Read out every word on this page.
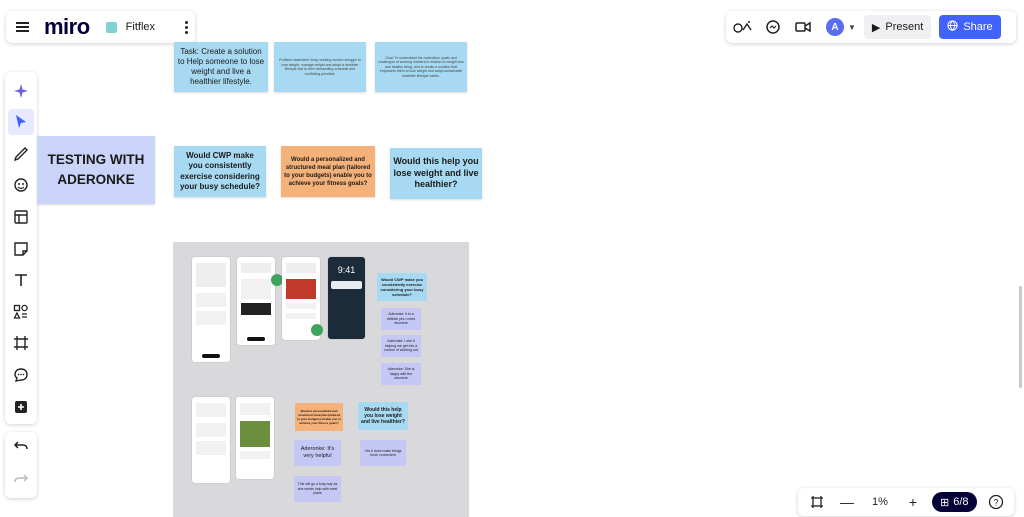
miro	Fitflex	A	▼ ▶ Present	Share
Task: Create a solution to Help someone to lose weight and live a healthier lifestyle.
Problem statement: Busy working women struggle to lose weight, manage weight and adopt a healthier lifestyle due to their demanding schedule and conflicting priorities.
Goal: To understand the motivation, goals and challenges of working mothers in relation to weight loss and healthy living, and to create a solution that empowers them to lose weight and adopt sustainable healthier lifestyle habits.
TESTING WITH ADERONKE
Would CWP make you consistently exercise considering your busy schedule?
Would a personalized and structured meal plan (tailored to your budgets) enable you to achieve your fitness goals?
Would this help you lose weight and live healthier?
9:41
Would CWP make you consistently exercise considering your busy schedule?
Aderonke: It is a definite yes I need structure
Aderonke: I see it helping me get into a routine of working out
Aderonke: She is happy with the structure
Would a personalized and structured meal plan (tailored to your budgets) enable you to achieve your fitness goals?
Would this help you lose weight and live healthier?
Aderonke: It's very helpful
Yes it does make things more convenient
This will go a long way as she needs help with meal plans
—	1%	+	⊞ 6/8	?
